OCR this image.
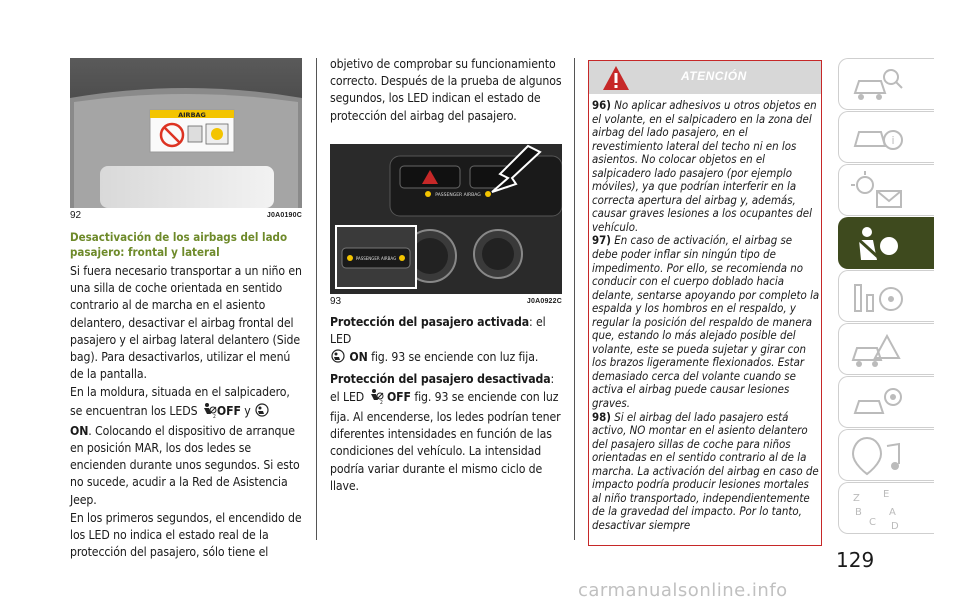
AIRBAG
92	J0A0190C
Desactivación de los airbags del lado pasajero: frontal y lateral

Si fuera necesario transportar a un niño en una silla de coche orientada en sentido contrario al de marcha en el asiento delantero, desactivar el airbag frontal del pasajero y el airbag lateral delantero (Side bag). Para desactivarlos, utilizar el menú de la pantalla.

En la moldura, situada en el salpicadero, se encuentran los LEDS	2 OFF y
ON. Colocando el dispositivo de arranque en posición MAR, los dos ledes se encienden durante unos segundos. Si esto no sucede, acudir a la Red de Asistencia Jeep.

En los primeros segundos, el encendido de los LED no indica el estado real de la protección del pasajero, sólo tiene el

objetivo de comprobar su funcionamiento correcto. Después de la prueba de algunos segundos, los LED indican el estado de protección del airbag del pasajero.

PASSENGER AIRBAG
PASSENGER AIRBAG
93	J0A0922C

Protección del pasajero activada: el LED
ON fig. 93 se enciende con luz fija.

Protección del pasajero desactivada: el LED	2 OFF fig. 93 se enciende con luz fija. Al encenderse, los ledes podrían tener diferentes intensidades en función de las condiciones del vehículo. La intensidad podría variar durante el mismo ciclo de llave.

ATENCIÓN
96) No aplicar adhesivos u otros objetos en el volante, en el salpicadero en la zona del airbag del lado pasajero, en el revestimiento lateral del techo ni en los asientos. No colocar objetos en el salpicadero lado pasajero (por ejemplo móviles), ya que podrían interferir en la correcta apertura del airbag y, además, causar graves lesiones a los ocupantes del vehículo.
97) En caso de activación, el airbag se debe poder inflar sin ningún tipo de impedimento. Por ello, se recomienda no conducir con el cuerpo doblado hacia delante, sentarse apoyando por completo la espalda y los hombros en el respaldo, y regular la posición del respaldo de manera que, estando lo más alejado posible del volante, este se pueda sujetar y girar con los brazos ligeramente flexionados. Estar demasiado cerca del volante cuando se activa el airbag puede causar lesiones graves.
98) Si el airbag del lado pasajero está activo, NO montar en el asiento delantero del pasajero sillas de coche para niños orientadas en el sentido contrario al de la marcha. La activación del airbag en caso de impacto podría producir lesiones mortales al niño transportado, independientemente de la gravedad del impacto. Por lo tanto, desactivar siempre
i
Z E
B
C
A
D
129
carmanualsonline.info
